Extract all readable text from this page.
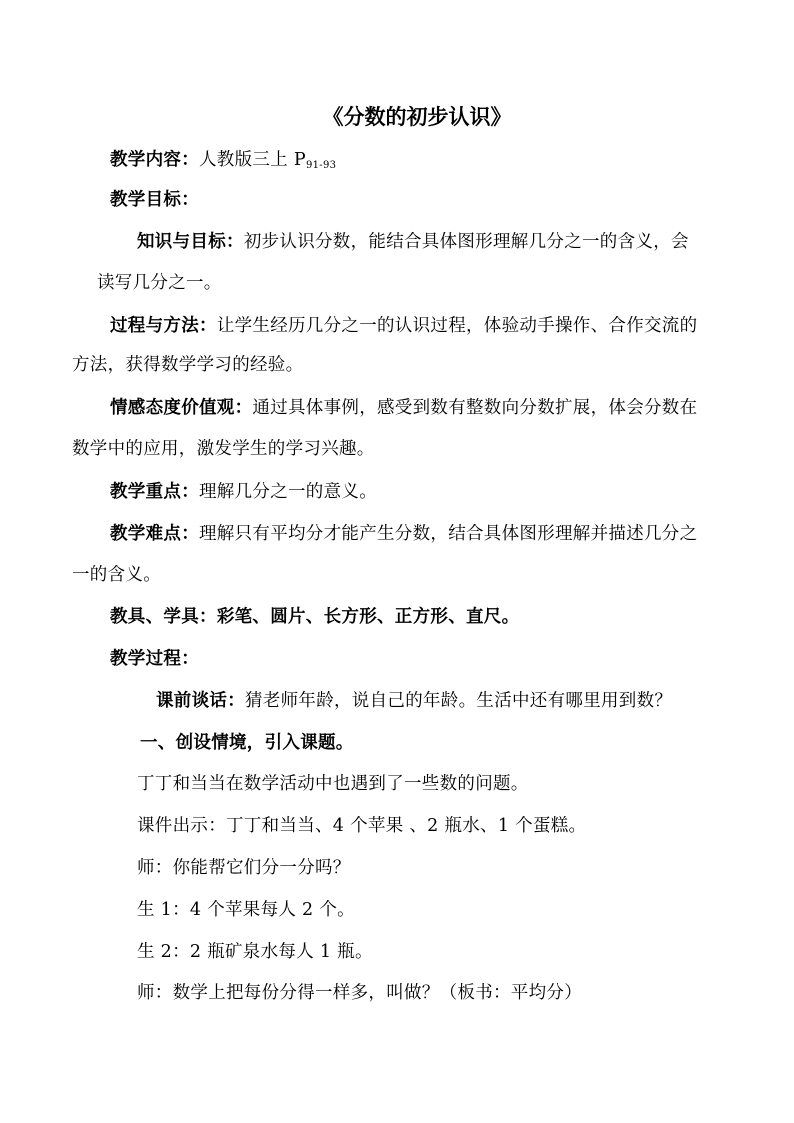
《分数的初步认识》
教学内容：人教版三上 $P_{91-93}$
教学目标：
知识与目标：初步认识分数，能结合具体图形理解几分之一的含义，会
读写几分之一。
过程与方法：让学生经历几分之一的认识过程，体验动手操作、合作交流的
方法，获得数学学习的经验。
情感态度价值观：通过具体事例，感受到数有整数向分数扩展，体会分数在
数学中的应用，激发学生的学习兴趣。
教学重点：理解几分之一的意义。
教学难点：理解只有平均分才能产生分数，结合具体图形理解并描述几分之
一的含义。
教具、学具：彩笔、圆片、长方形、正方形、直尺。
教学过程：
课前谈话：猜老师年龄，说自己的年龄。生活中还有哪里用到数？
一、创设情境，引入课题。
丁丁和当当在数学活动中也遇到了一些数的问题。
课件出示：丁丁和当当、4 个苹果 、2 瓶水、1 个蛋糕。
师：你能帮它们分一分吗？
生 1：4 个苹果每人 2 个。
生 2：2 瓶矿泉水每人 1 瓶。
师：数学上把每份分得一样多，叫做？（板书：平均分）
